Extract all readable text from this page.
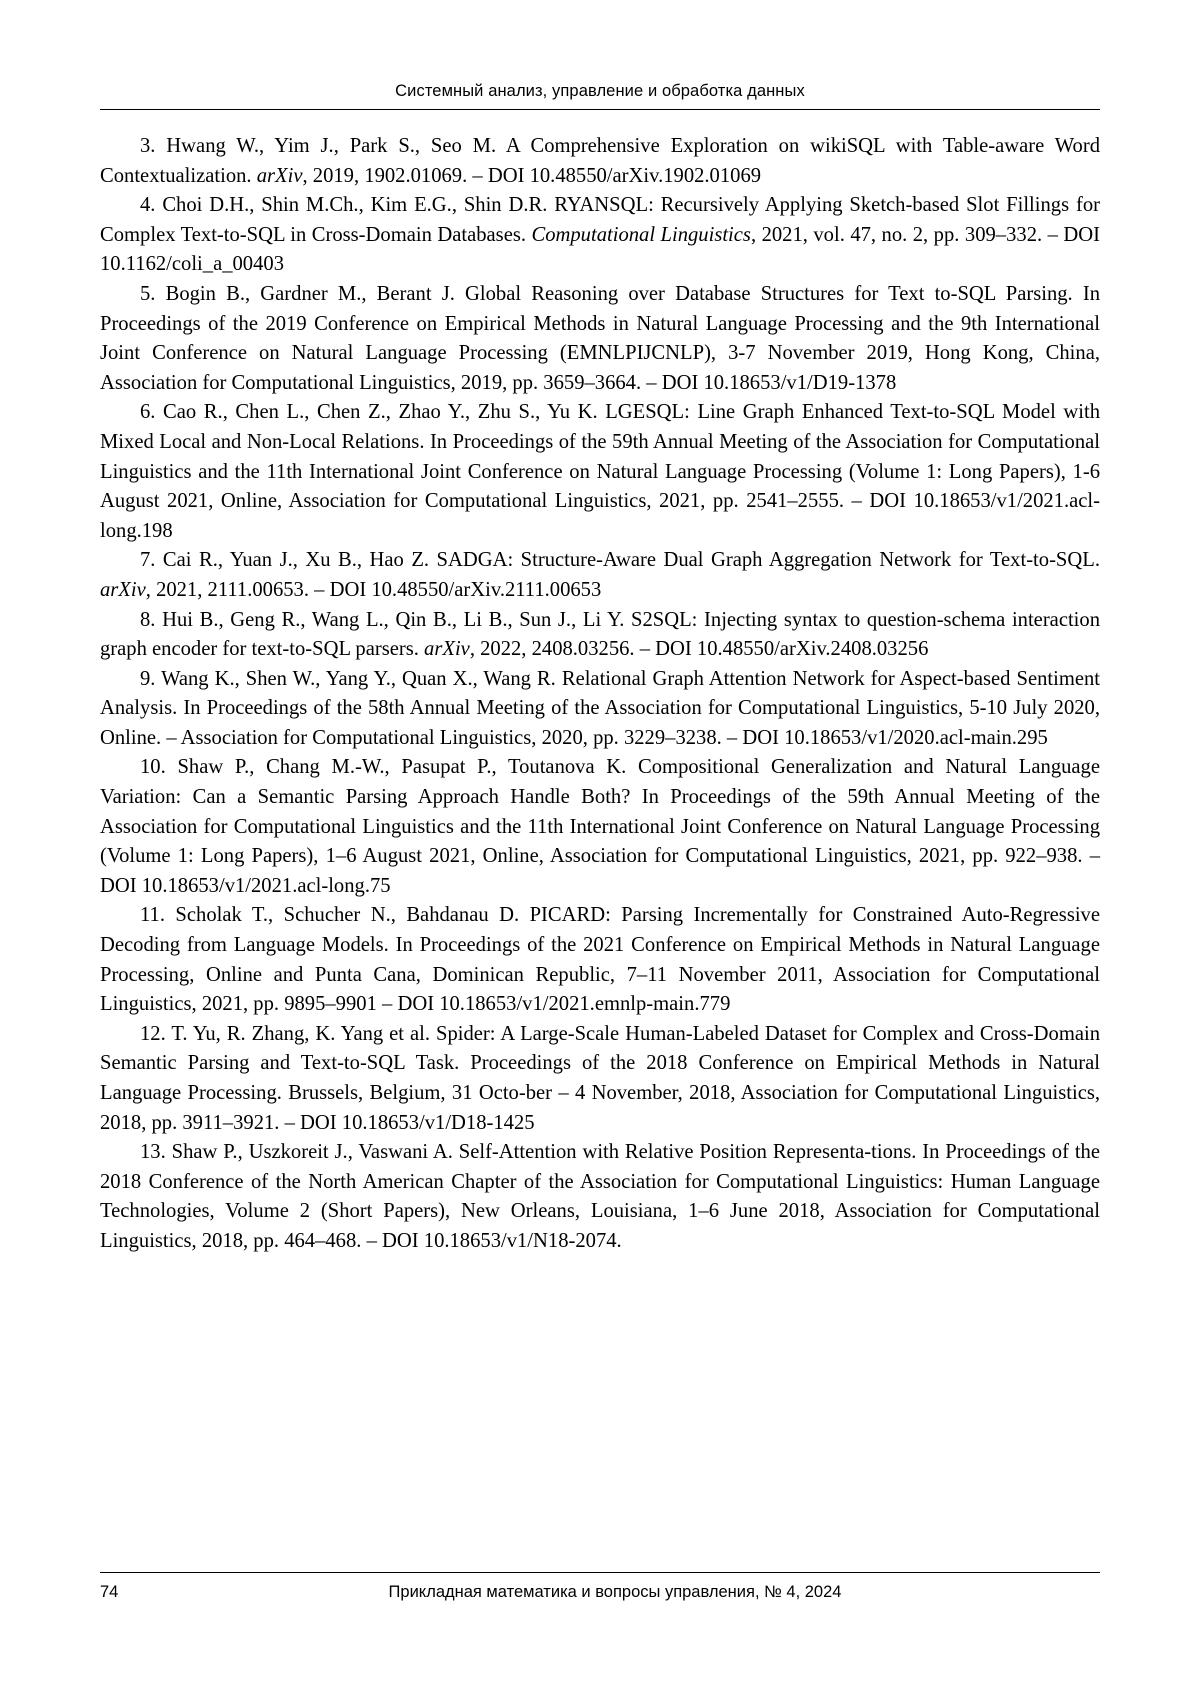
Системный анализ, управление и обработка данных

3. Hwang W., Yim J., Park S., Seo M. A Comprehensive Exploration on wikiSQL with Table-aware Word Contextualization. arXiv, 2019, 1902.01069. – DOI 10.48550/arXiv.1902.01069

4. Choi D.H., Shin M.Ch., Kim E.G., Shin D.R. RYANSQL: Recursively Applying Sketch-based Slot Fillings for Complex Text-to-SQL in Cross-Domain Databases. Computational Linguistics, 2021, vol. 47, no. 2, pp. 309–332. – DOI 10.1162/coli_a_00403

5. Bogin B., Gardner M., Berant J. Global Reasoning over Database Structures for Text to-SQL Parsing. In Proceedings of the 2019 Conference on Empirical Methods in Natural Language Processing and the 9th International Joint Conference on Natural Language Processing (EMNLPIJCNLP), 3-7 November 2019, Hong Kong, China, Association for Computational Linguistics, 2019, pp. 3659–3664. – DOI 10.18653/v1/D19-1378

6. Cao R., Chen L., Chen Z., Zhao Y., Zhu S., Yu K. LGESQL: Line Graph Enhanced Text-to-SQL Model with Mixed Local and Non-Local Relations. In Proceedings of the 59th Annual Meeting of the Association for Computational Linguistics and the 11th International Joint Conference on Natural Language Processing (Volume 1: Long Papers), 1-6 August 2021, Online, Association for Computational Linguistics, 2021, pp. 2541–2555. – DOI 10.18653/v1/2021.acl-long.198

7. Cai R., Yuan J., Xu B., Hao Z. SADGA: Structure-Aware Dual Graph Aggregation Network for Text-to-SQL. arXiv, 2021, 2111.00653. – DOI 10.48550/arXiv.2111.00653

8. Hui B., Geng R., Wang L., Qin B., Li B., Sun J., Li Y. S2SQL: Injecting syntax to question-schema interaction graph encoder for text-to-SQL parsers. arXiv, 2022, 2408.03256. – DOI 10.48550/arXiv.2408.03256

9. Wang K., Shen W., Yang Y., Quan X., Wang R. Relational Graph Attention Network for Aspect-based Sentiment Analysis. In Proceedings of the 58th Annual Meeting of the Association for Computational Linguistics, 5-10 July 2020, Online. – Association for Computational Linguistics, 2020, pp. 3229–3238. – DOI 10.18653/v1/2020.acl-main.295

10. Shaw P., Chang M.-W., Pasupat P., Toutanova K. Compositional Generalization and Natural Language Variation: Can a Semantic Parsing Approach Handle Both? In Proceedings of the 59th Annual Meeting of the Association for Computational Linguistics and the 11th International Joint Conference on Natural Language Processing (Volume 1: Long Papers), 1–6 August 2021, Online, Association for Computational Linguistics, 2021, pp. 922–938. – DOI 10.18653/v1/2021.acl-long.75

11. Scholak T., Schucher N., Bahdanau D. PICARD: Parsing Incrementally for Constrained Auto-Regressive Decoding from Language Models. In Proceedings of the 2021 Conference on Empirical Methods in Natural Language Processing, Online and Punta Cana, Dominican Republic, 7–11 November 2011, Association for Computational Linguistics, 2021, pp. 9895–9901 – DOI 10.18653/v1/2021.emnlp-main.779

12. T. Yu, R. Zhang, K. Yang et al. Spider: A Large-Scale Human-Labeled Dataset for Complex and Cross-Domain Semantic Parsing and Text-to-SQL Task. Proceedings of the 2018 Conference on Empirical Methods in Natural Language Processing. Brussels, Belgium, 31 Octo-ber – 4 November, 2018, Association for Computational Linguistics, 2018, pp. 3911–3921. – DOI 10.18653/v1/D18-1425

13. Shaw P., Uszkoreit J., Vaswani A. Self-Attention with Relative Position Representa-tions. In Proceedings of the 2018 Conference of the North American Chapter of the Association for Computational Linguistics: Human Language Technologies, Volume 2 (Short Papers), New Orleans, Louisiana, 1–6 June 2018, Association for Computational Linguistics, 2018, pp. 464–468. – DOI 10.18653/v1/N18-2074.

74	Прикладная математика и вопросы управления, № 4, 2024
